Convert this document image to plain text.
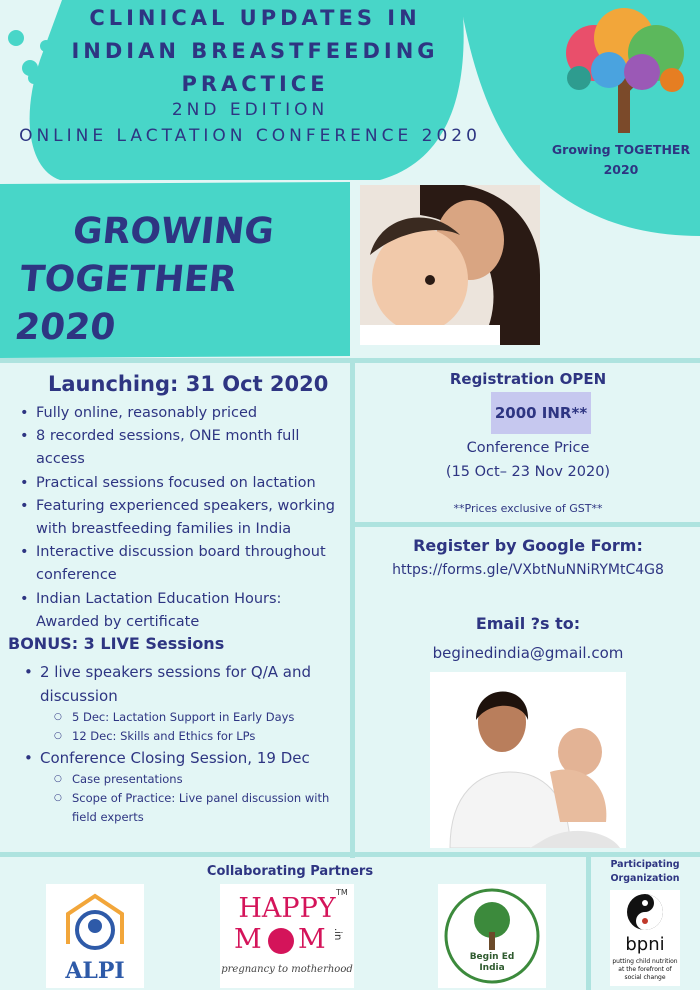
CLINICAL UPDATES IN
INDIAN BREASTFEEDING
PRACTICE
2ND EDITION
ONLINE LACTATION CONFERENCE 2020
Growing TOGETHER
2020
GROWING
TOGETHER 2020
Launching: 31 Oct 2020
• Fully online, reasonably priced
• 8 recorded sessions, ONE month full access
• Practical sessions focused on lactation
• Featuring experienced speakers, working with breastfeeding families in India
• Interactive discussion board throughout conference
• Indian Lactation Education Hours: Awarded by certificate
BONUS: 3 LIVE Sessions
• 2 live speakers sessions for Q/A and discussion
○ 5 Dec: Lactation Support in Early Days
○ 12 Dec: Skills and Ethics for LPs
• Conference Closing Session, 19 Dec
○ Case presentations
○ Scope of Practice: Live panel discussion with field experts
Registration OPEN
2000 INR**
Conference Price
(15 Oct– 23 Nov 2020)
**Prices exclusive of GST**
Register by Google Form:
https://forms.gle/VXbtNuNNiRYMtC4G8
Email ?s to:
beginedindia@gmail.com
Collaborating Partners
ALPI
TM
HAPPY
M M .in
pregnancy to motherhood
Begin Ed
India
Participating
Organization
bpni
putting child nutrition at the forefront of social change
